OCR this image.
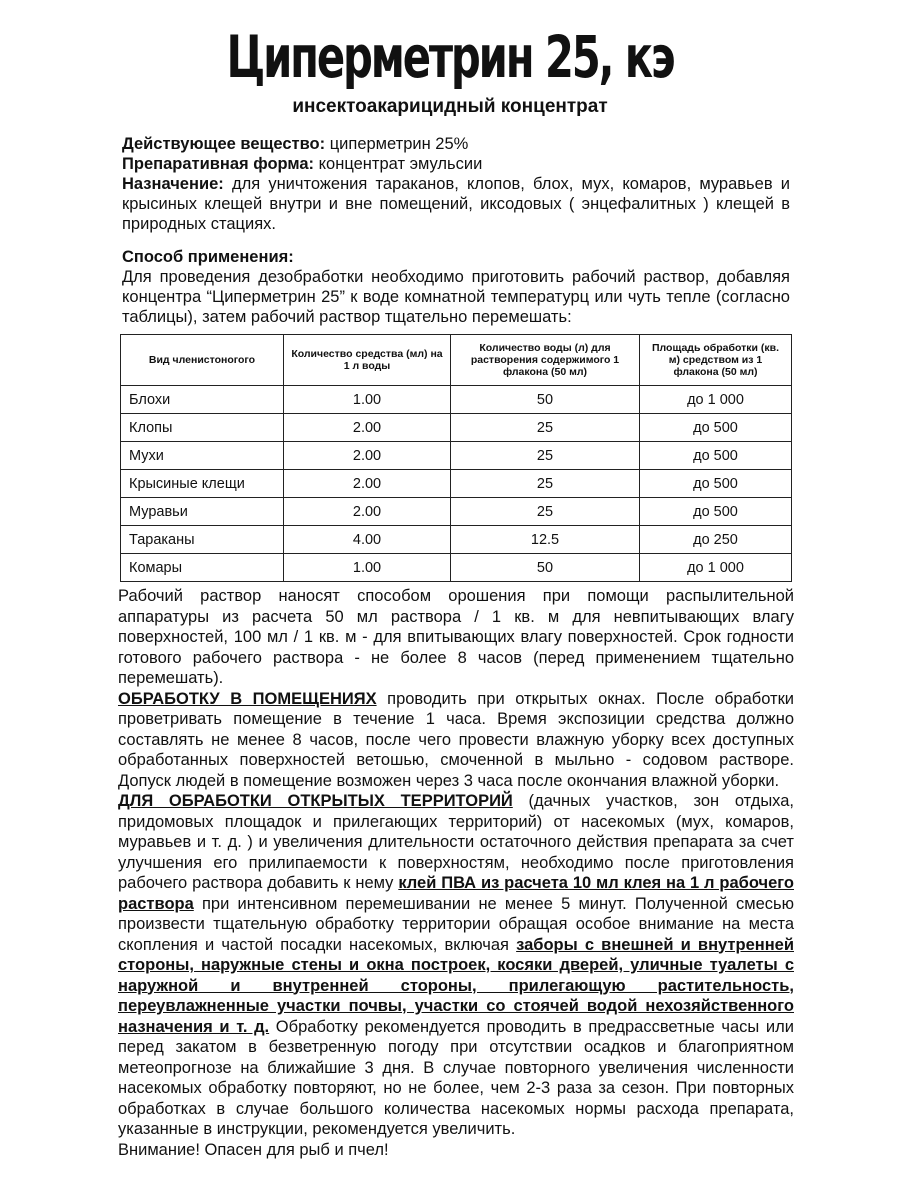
Циперметрин 25, кэ

инсектоакарицидный концентрат

Действующее вещество: циперметрин 25%
Препаративная форма: концентрат эмульсии
Назначение: для уничтожения тараканов, клопов, блох, мух, комаров, муравьев и крысиных клещей внутри и вне помещений, иксодовых ( энцефалитных ) клещей в природных стациях.
Способ применения:
Для проведения дезобработки необходимо приготовить рабочий раствор, добавляя концентра “Циперметрин 25” к воде комнатной температурц или чуть тепле (согласно таблицы), затем рабочий раствор тщательно перемешать:
Вид членистоногого	Количество средства (мл) на 1 л воды	Количество воды (л) для растворения содержимого 1 флакона (50 мл)	Площадь обработки (кв. м) средством из 1 флакона (50 мл)
Блохи	1.00	50	до 1 000
Клопы	2.00	25	до 500
Мухи	2.00	25	до 500
Крысиные клещи	2.00	25	до 500
Муравьи	2.00	25	до 500
Тараканы	4.00	12.5	до 250
Комары	1.00	50	до 1 000

Рабочий раствор наносят способом орошения при помощи распылительной аппаратуры из расчета 50 мл раствора / 1 кв. м для невпитывающих влагу поверхностей, 100 мл / 1 кв. м - для впитывающих влагу поверхностей. Срок годности готового рабочего раствора - не более 8 часов (перед применением тщательно перемешать).

ОБРАБОТКУ В ПОМЕЩЕНИЯХ проводить при открытых окнах. После обработки проветривать помещение в течение 1 часа. Время экспозиции средства должно составлять не менее 8 часов, после чего провести влажную уборку всех доступных обработанных поверхностей ветошью, смоченной в мыльно - содовом растворе. Допуск людей в помещение возможен через 3 часа после окончания влажной уборки.

ДЛЯ ОБРАБОТКИ ОТКРЫТЫХ ТЕРРИТОРИЙ (дачных участков, зон отдыха, придомовых площадок и прилегающих территорий) от насекомых (мух, комаров, муравьев и т. д. ) и увеличения длительности остаточного действия препарата за счет улучшения его прилипаемости к поверхностям, необходимо после приготовления рабочего раствора добавить к нему клей ПВА из расчета 10 мл клея на 1 л рабочего раствора при интенсивном перемешивании не менее 5 минут. Полученной смесью произвести тщательную обработку территории обращая особое внимание на места скопления и частой посадки насекомых, включая заборы с внешней и внутренней стороны, наружные стены и окна построек, косяки дверей, уличные туалеты с наружной и внутренней стороны, прилегающую растительность, переувлажненные участки почвы, участки со стоячей водой нехозяйственного назначения и т. д. Обработку рекомендуется проводить в предрассветные часы или перед закатом в безветренную погоду при отсутствии осадков и благоприятном метеопрогнозе на ближайшие 3 дня. В случае повторного увеличения численности насекомых обработку повторяют, но не более, чем 2-3 раза за сезон. При повторных обработках в случае большого количества насекомых нормы расхода препарата, указанные в инструкции, рекомендуется увеличить.

Внимание! Опасен для рыб и пчел!
